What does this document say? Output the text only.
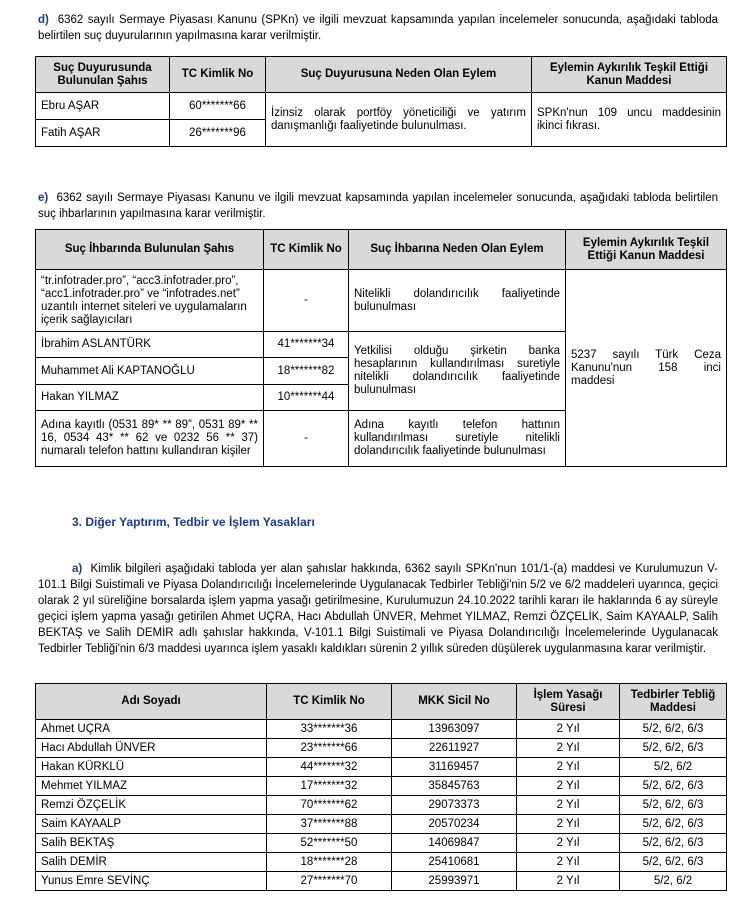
d) 6362 sayılı Sermaye Piyasası Kanunu (SPKn) ve ilgili mevzuat kapsamında yapılan incelemeler sonucunda, aşağıdaki tabloda belirtilen suç duyurularının yapılmasına karar verilmiştir.
Suç Duyurusunda Bulunulan Şahıs	TC Kimlik No	Suç Duyurusuna Neden Olan Eylem	Eylemin Aykırılık Teşkil Ettiği Kanun Maddesi
Ebru AŞAR	60*******66	İzinsiz olarak portföy yöneticiliği ve yatırım danışmanlığı faaliyetinde bulunulması.	SPKn'nun 109 uncu maddesinin ikinci fıkrası.
Fatih AŞAR	26*******96		
e) 6362 sayılı Sermaye Piyasası Kanunu ve ilgili mevzuat kapsamında yapılan incelemeler sonucunda, aşağıdaki tabloda belirtilen suç ihbarlarının yapılmasına karar verilmiştir.
Suç İhbarında Bulunulan Şahıs	TC Kimlik No	Suç İhbarına Neden Olan Eylem	Eylemin Aykırılık Teşkil Ettiği Kanun Maddesi
“tr.infotrader.pro”, “acc3.infotrader.pro”, “acc1.infotrader.pro” ve “infotrades.net” uzantılı internet siteleri ve uygulamaların içerik sağlayıcıları	-	Nitelikli dolandırıcılık faaliyetinde bulunulması	5237 sayılı Türk Ceza Kanunu'nun 158 inci maddesi
İbrahim ASLANTÜRK	41*******34	Yetkilisi olduğu şirketin banka hesaplarının kullandırılması suretiyle nitelikli dolandırıcılık faaliyetinde bulunulması	
Muhammet Ali KAPTANOĞLU	18*******82		
Hakan YILMAZ	10*******44		
Adına kayıtlı (0531 89* ** 89”, 0531 89* ** 16, 0534 43* ** 62 ve 0232 56 ** 37) numaralı telefon hattını kullandıran kişiler	-	Adına kayıtlı telefon hattının kullandırılması suretiyle nitelikli dolandırıcılık faaliyetinde bulunulması	
3. Diğer Yaptırım, Tedbir ve İşlem Yasakları
a) Kimlik bilgileri aşağıdaki tabloda yer alan şahıslar hakkında, 6362 sayılı SPKn'nun 101/1-(a) maddesi ve Kurulumuzun V-101.1 Bilgi Suistimali ve Piyasa Dolandırıcılığı İncelemelerinde Uygulanacak Tedbirler Tebliği'nin 5/2 ve 6/2 maddeleri uyarınca, geçici olarak 2 yıl süreliğine borsalarda işlem yapma yasağı getirilmesine, Kurulumuzun 24.10.2022 tarihli kararı ile haklarında 6 ay süreyle geçici işlem yapma yasağı getirilen Ahmet UÇRA, Hacı Abdullah ÜNVER, Mehmet YILMAZ, Remzi ÖZÇELİK, Saim KAYAALP, Salih BEKTAŞ ve Salih DEMİR adlı şahıslar hakkında, V-101.1 Bilgi Suistimali ve Piyasa Dolandırıcılığı İncelemelerinde Uygulanacak Tedbirler Tebliği'nin 6/3 maddesi uyarınca işlem yasaklı kaldıkları sürenin 2 yıllık süreden düşülerek uygulanmasına karar verilmiştir.
Adı Soyadı	TC Kimlik No	MKK Sicil No	İşlem Yasağı Süresi	Tedbirler Tebliğ Maddesi
Ahmet UÇRA	33*******36	13963097	2 Yıl	5/2, 6/2, 6/3
Hacı Abdullah ÜNVER	23*******66	22611927	2 Yıl	5/2, 6/2, 6/3
Hakan KÜRKLÜ	44*******32	31169457	2 Yıl	5/2, 6/2
Mehmet YILMAZ	17*******32	35845763	2 Yıl	5/2, 6/2, 6/3
Remzi ÖZÇELİK	70*******62	29073373	2 Yıl	5/2, 6/2, 6/3
Saim KAYAALP	37*******88	20570234	2 Yıl	5/2, 6/2, 6/3
Salih BEKTAŞ	52*******50	14069847	2 Yıl	5/2, 6/2, 6/3
Salih DEMİR	18*******28	25410681	2 Yıl	5/2, 6/2, 6/3
Yunus Emre SEVİNÇ	27*******70	25993971	2 Yıl	5/2, 6/2
